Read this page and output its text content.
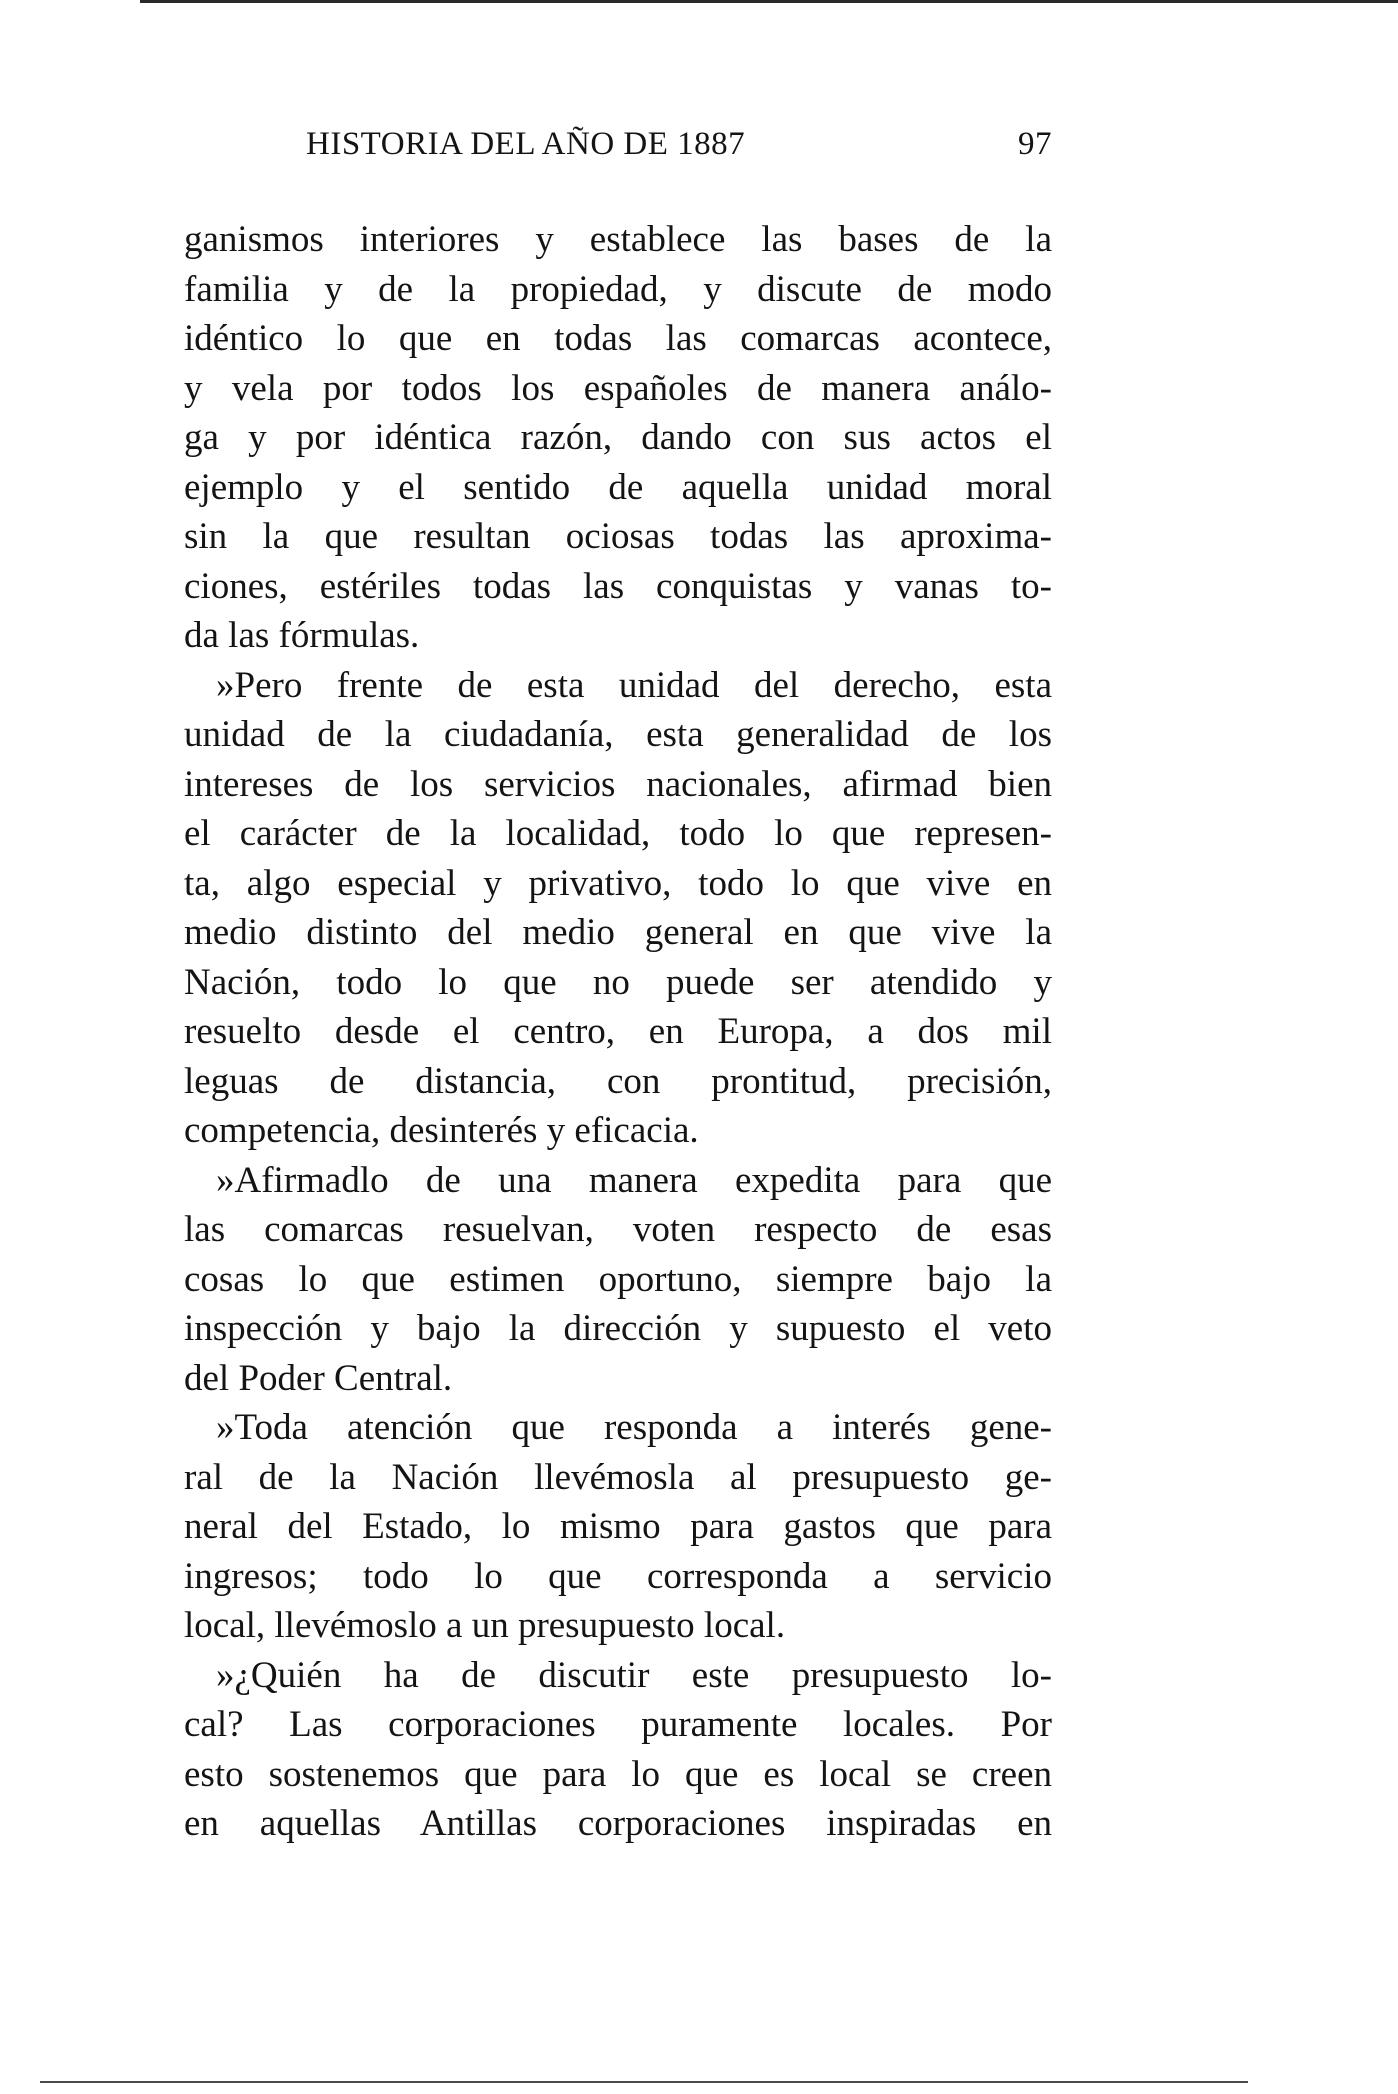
HISTORIA DEL AÑO DE 1887	97

ganismos interiores y establece las bases de la
familia y de la propiedad, y discute de modo
idéntico lo que en todas las comarcas acontece,
y vela por todos los españoles de manera análo-
ga y por idéntica razón, dando con sus actos el
ejemplo y el sentido de aquella unidad moral
sin la que resultan ociosas todas las aproxima-
ciones, estériles todas las conquistas y vanas to-
da las fórmulas.

»Pero frente de esta unidad del derecho, esta
unidad de la ciudadanía, esta generalidad de los
intereses de los servicios nacionales, afirmad bien
el carácter de la localidad, todo lo que represen-
ta, algo especial y privativo, todo lo que vive en
medio distinto del medio general en que vive la
Nación, todo lo que no puede ser atendido y
resuelto desde el centro, en Europa, a dos mil
leguas de distancia, con prontitud, precisión,
competencia, desinterés y eficacia.

»Afirmadlo de una manera expedita para que
las comarcas resuelvan, voten respecto de esas
cosas lo que estimen oportuno, siempre bajo la
inspección y bajo la dirección y supuesto el veto
del Poder Central.

»Toda atención que responda a interés gene-
ral de la Nación llevémosla al presupuesto ge-
neral del Estado, lo mismo para gastos que para
ingresos; todo lo que corresponda a servicio
local, llevémoslo a un presupuesto local.

»¿Quién ha de discutir este presupuesto lo-
cal? Las corporaciones puramente locales. Por
esto sostenemos que para lo que es local se creen
en aquellas Antillas corporaciones inspiradas en
